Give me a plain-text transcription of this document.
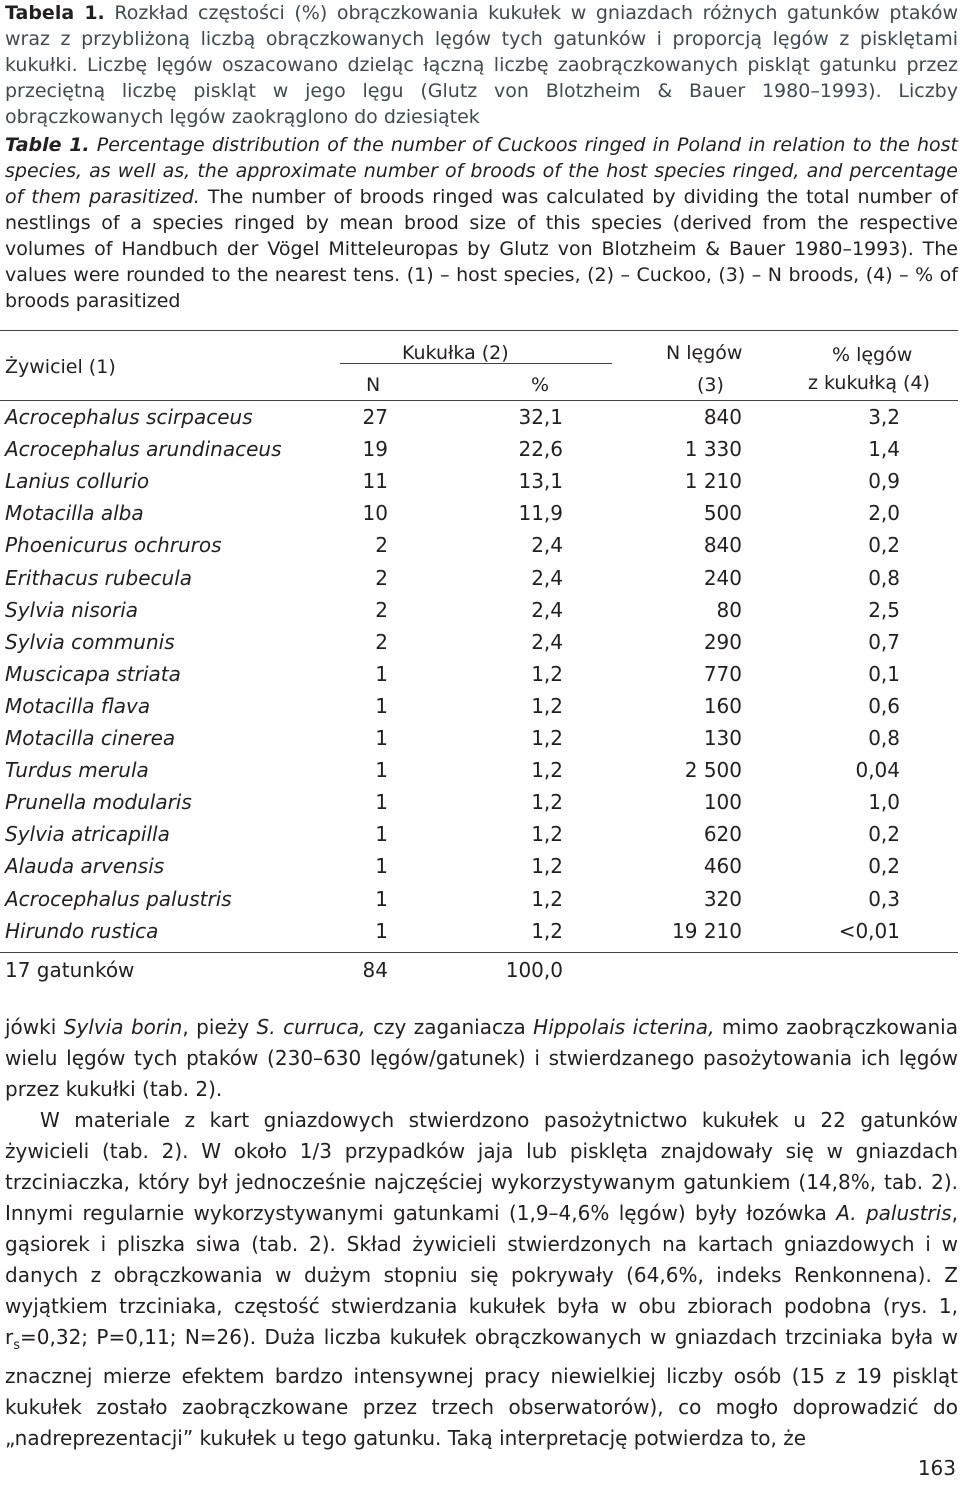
Tabela 1. Rozkład częstości (%) obrączkowania kukułek w gniazdach różnych gatunków ptaków wraz z przybliżoną liczbą obrączkowanych lęgów tych gatunków i proporcją lęgów z pisklętami kukułki. Liczbę lęgów oszacowano dzieląc łączną liczbę zaobrączkowanych piskląt gatunku przez przeciętną liczbę piskląt w jego lęgu (Glutz von Blotzheim & Bauer 1980–1993). Liczby obrączkowanych lęgów zaokrąglono do dziesiątek
Table 1. Percentage distribution of the number of Cuckoos ringed in Poland in relation to the host species, as well as, the approximate number of broods of the host species ringed, and percentage of them parasitized. The number of broods ringed was calculated by dividing the total number of nestlings of a species ringed by mean brood size of this species (derived from the respective volumes of Handbuch der Vögel Mitteleuropas by Glutz von Blotzheim & Bauer 1980–1993). The values were rounded to the nearest tens. (1) – host species, (2) – Cuckoo, (3) – N broods, (4) – % of broods parasitized
Żywiciel (1)
Kukułka (2)
N	%
N lęgów
(3)
% lęgów
z kukułką (4)
Acrocephalus scirpaceus	27	32,1	840	3,2
Acrocephalus arundinaceus	19	22,6	1 330	1,4
Lanius collurio	11	13,1	1 210	0,9
Motacilla alba	10	11,9	500	2,0
Phoenicurus ochruros	2	2,4	840	0,2
Erithacus rubecula	2	2,4	240	0,8
Sylvia nisoria	2	2,4	80	2,5
Sylvia communis	2	2,4	290	0,7
Muscicapa striata	1	1,2	770	0,1
Motacilla flava	1	1,2	160	0,6
Motacilla cinerea	1	1,2	130	0,8
Turdus merula	1	1,2	2 500	0,04
Prunella modularis	1	1,2	100	1,0
Sylvia atricapilla	1	1,2	620	0,2
Alauda arvensis	1	1,2	460	0,2
Acrocephalus palustris	1	1,2	320	0,3
Hirundo rustica	1	1,2	19 210	<0,01
17 gatunków	84	100,0

jówki Sylvia borin, pieży S. curruca, czy zaganiacza Hippolais icterina, mimo zaobrączkowania wielu lęgów tych ptaków (230–630 lęgów/gatunek) i stwierdzanego pasożytowania ich lęgów przez kukułki (tab. 2).

W materiale z kart gniazdowych stwierdzono pasożytnictwo kukułek u 22 gatunków żywicieli (tab. 2). W około 1/3 przypadków jaja lub pisklęta znajdowały się w gniazdach trzciniaczka, który był jednocześnie najczęściej wykorzystywanym gatunkiem (14,8%, tab. 2). Innymi regularnie wykorzystywanymi gatunkami (1,9–4,6% lęgów) były łozówka A. palustris, gąsiorek i pliszka siwa (tab. 2). Skład żywicieli stwierdzonych na kartach gniazdowych i w danych z obrączkowania w dużym stopniu się pokrywały (64,6%, indeks Renkonnena). Z wyjątkiem trzciniaka, częstość stwierdzania kukułek była w obu zbiorach podobna (rys. 1, $r_s=0,32$; P=0,11; N=26). Duża liczba kukułek obrączkowanych w gniazdach trzciniaka była w znacznej mierze efektem bardzo intensywnej pracy niewielkiej liczby osób (15 z 19 piskląt kukułek zostało zaobrączkowane przez trzech obserwatorów), co mogło doprowadzić do „nadreprezentacji” kukułek u tego gatunku. Taką interpretację potwierdza to, że

163
